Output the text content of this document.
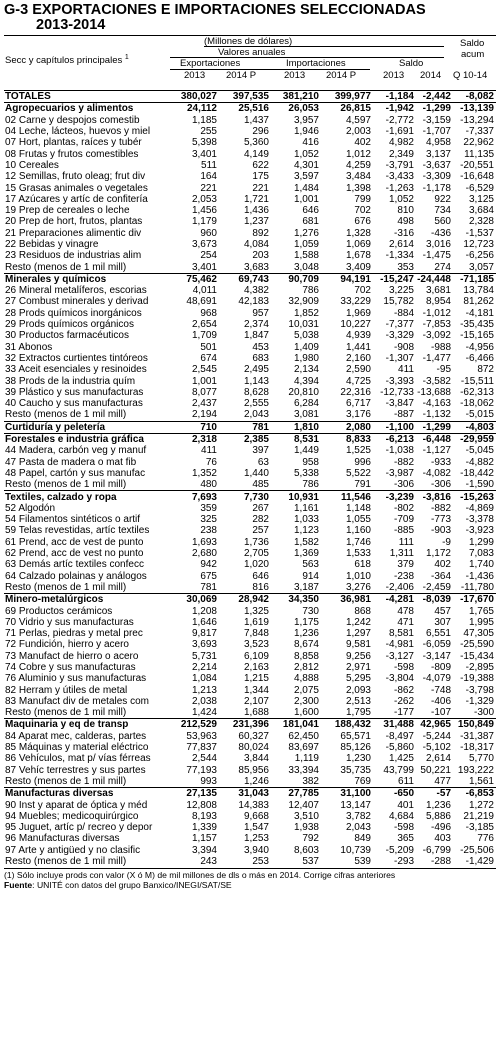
G-3 EXPORTACIONES E IMPORTACIONES SELECCIONADAS
2013-2014
(Millones de dólares)
Valores anuales
Secc y capítulos principales $^1$
Exportaciones	Importaciones	Saldo
Saldo
acum
Q 10-14
2013 2014 P	2013 2014 P	2013 2014
TOTALES	380,027	397,535	381,210	399,977	-1,184	-2,442	-8,082
Agropecuarios y alimentos	24,112	25,516	26,053	26,815	-1,942	-1,299	-13,139
02 Carne y despojos comestib	1,185	1,437	3,957	4,597	-2,772	-3,159	-13,294
04 Leche, lácteos, huevos y miel	255	296	1,946	2,003	-1,691	-1,707	-7,337
07 Hort, plantas, raíces y tubér	5,398	5,360	416	402	4,982	4,958	22,962
08 Frutas y frutos comestibles	3,401	4,149	1,052	1,012	2,349	3,137	11,135
10 Cereales	511	622	4,301	4,259	-3,791	-3,637	-20,551
12 Semillas, fruto oleag; frut div	164	175	3,597	3,484	-3,433	-3,309	-16,648
15 Grasas animales o vegetales	221	221	1,484	1,398	-1,263	-1,178	-6,529
17 Azúcares y artíc de confitería	2,053	1,721	1,001	799	1,052	922	3,125
19 Prep de cereales o leche	1,456	1,436	646	702	810	734	3,684
20 Prep de hort, frutos, plantas	1,179	1,237	681	676	498	560	2,328
21 Preparaciones alimentic div	960	892	1,276	1,328	-316	-436	-1,537
22 Bebidas y vinagre	3,673	4,084	1,059	1,069	2,614	3,016	12,723
23 Residuos de industrias alim	254	203	1,588	1,678	-1,334	-1,475	-6,256
Resto (menos de 1 mil mill)	3,401	3,683	3,048	3,409	353	274	3,057
Minerales y químicos	75,462	69,743	90,709	94,191	-15,247	-24,448	-71,185
26 Mineral metalíferos, escorias	4,011	4,382	786	702	3,225	3,681	13,784
27 Combust minerales y derivad	48,691	42,183	32,909	33,229	15,782	8,954	81,262
28 Prods químicos inorgánicos	968	957	1,852	1,969	-884	-1,012	-4,181
29 Prods químicos orgánicos	2,654	2,374	10,031	10,227	-7,377	-7,853	-35,435
30 Productos farmacéuticos	1,709	1,847	5,038	4,939	-3,329	-3,092	-15,165
31 Abonos	501	453	1,409	1,441	-908	-988	-4,956
32 Extractos curtientes tintóreos	674	683	1,980	2,160	-1,307	-1,477	-6,466
33 Aceit esenciales y resinoides	2,545	2,495	2,134	2,590	411	-95	872
38 Prods de la industria quím	1,001	1,143	4,394	4,725	-3,393	-3,582	-15,511
39 Plástico y sus manufacturas	8,077	8,628	20,810	22,316	-12,733	-13,688	-62,313
40 Caucho y sus manufacturas	2,437	2,555	6,284	6,717	-3,847	-4,163	-18,062
Resto (menos de 1 mil mill)	2,194	2,043	3,081	3,176	-887	-1,132	-5,015
Curtiduría y peletería	710	781	1,810	2,080	-1,100	-1,299	-4,803
Forestales e industria gráfica	2,318	2,385	8,531	8,833	-6,213	-6,448	-29,959
44 Madera, carbón veg y manuf	411	397	1,449	1,525	-1,038	-1,127	-5,045
47 Pasta de madera o mat fib	76	63	958	996	-882	-933	-4,882
48 Papel, cartón y sus manufac	1,352	1,440	5,338	5,522	-3,987	-4,082	-18,442
Resto (menos de 1 mil mill)	480	485	786	791	-306	-306	-1,590
Textiles, calzado y ropa	7,693	7,730	10,931	11,546	-3,239	-3,816	-15,263
52 Algodón	359	267	1,161	1,148	-802	-882	-4,869
54 Filamentos sintéticos o artif	325	282	1,033	1,055	-709	-773	-3,378
59 Telas revestidas, artíc textiles	238	257	1,123	1,160	-885	-903	-3,923
61 Prend, acc de vest de punto	1,693	1,736	1,582	1,746	111	-9	1,299
62 Prend, acc de vest no punto	2,680	2,705	1,369	1,533	1,311	1,172	7,083
63 Demás artíc textiles confecc	942	1,020	563	618	379	402	1,740
64 Calzado polainas y análogos	675	646	914	1,010	-238	-364	-1,436
Resto (menos de 1 mil mill)	781	816	3,187	3,276	-2,406	-2,459	-11,780
Minero-metalúrgicos	30,069	28,942	34,350	36,981	-4,281	-8,039	-17,670
69 Productos cerámicos	1,208	1,325	730	868	478	457	1,765
70 Vidrio y sus manufacturas	1,646	1,619	1,175	1,242	471	307	1,995
71 Perlas, piedras y metal prec	9,817	7,848	1,236	1,297	8,581	6,551	47,305
72 Fundición, hierro y acero	3,693	3,523	8,674	9,581	-4,981	-6,059	-25,590
73 Manufact de hierro o acero	5,731	6,109	8,858	9,256	-3,127	-3,147	-15,434
74 Cobre y sus manufacturas	2,214	2,163	2,812	2,971	-598	-809	-2,895
76 Aluminio y sus manufacturas	1,084	1,215	4,888	5,295	-3,804	-4,079	-19,388
82 Herram y útiles de metal	1,213	1,344	2,075	2,093	-862	-748	-3,798
83 Manufact div de metales com	2,038	2,107	2,300	2,513	-262	-406	-1,329
Resto (menos de 1 mil mill)	1,424	1,688	1,600	1,795	-177	-107	-300
Maquinaria y eq de transp	212,529	231,396	181,041	188,432	31,488	42,965	150,849
84 Aparat mec, calderas, partes	53,963	60,327	62,450	65,571	-8,497	-5,244	-31,387
85 Máquinas y material eléctrico	77,837	80,024	83,697	85,126	-5,860	-5,102	-18,317
86 Vehículos, mat p/ vías férreas	2,544	3,844	1,119	1,230	1,425	2,614	5,770
87 Vehíc terrestres y sus partes	77,193	85,956	33,394	35,735	43,799	50,221	193,222
Resto (menos de 1 mil mill)	993	1,246	382	769	611	477	1,561
Manufacturas diversas	27,135	31,043	27,785	31,100	-650	-57	-6,853
90 Inst y aparat de óptica y méd	12,808	14,383	12,407	13,147	401	1,236	1,272
94 Muebles; medicoquirúrgico	8,193	9,668	3,510	3,782	4,684	5,886	21,219
95 Juguet, artíc p/ recreo y depor	1,339	1,547	1,938	2,043	-598	-496	-3,185
96 Manufacturas diversas	1,157	1,253	792	849	365	403	776
97 Arte y antigüed y no clasific	3,394	3,940	8,603	10,739	-5,209	-6,799	-25,506
Resto (menos de 1 mil mill)	243	253	537	539	-293	-288	-1,429
(1) Sólo incluye prods con valor (X ó M) de mil millones de dls o más en 2014. Corrige cifras anteriores
Fuente: UNITÉ con datos del grupo Banxico/INEGI/SAT/SE
